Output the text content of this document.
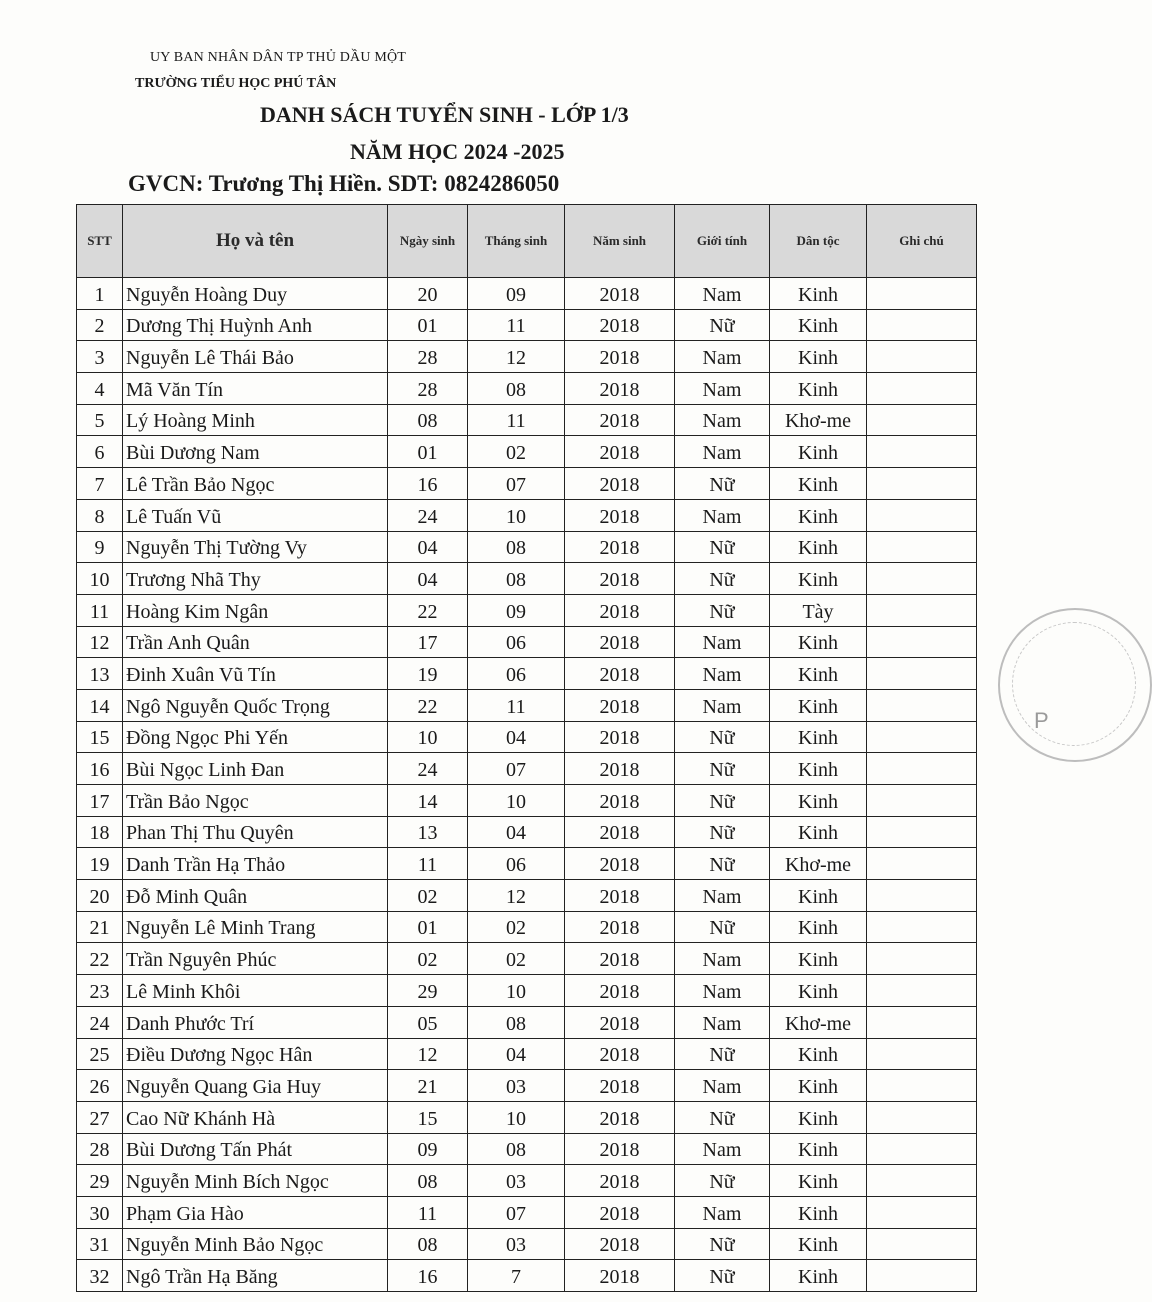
UY BAN NHÂN DÂN TP THỦ DẦU MỘT
TRƯỜNG TIỂU HỌC PHÚ TÂN
DANH SÁCH TUYỂN SINH - LỚP 1/3
NĂM HỌC 2024 -2025
GVCN: Trương Thị Hiền. SDT: 0824286050
STT	Họ và tên	Ngày sinh	Tháng sinh	Năm sinh	Giới tính	Dân tộc	Ghi chú
1	Nguyễn Hoàng Duy	20	09	2018	Nam	Kinh	
2	Dương Thị Huỳnh Anh	01	11	2018	Nữ	Kinh	
3	Nguyễn Lê Thái Bảo	28	12	2018	Nam	Kinh	
4	Mã Văn Tín	28	08	2018	Nam	Kinh	
5	Lý Hoàng Minh	08	11	2018	Nam	Khơ-me	
6	Bùi Dương Nam	01	02	2018	Nam	Kinh	
7	Lê Trần Bảo Ngọc	16	07	2018	Nữ	Kinh	
8	Lê Tuấn Vũ	24	10	2018	Nam	Kinh	
9	Nguyễn Thị Tường Vy	04	08	2018	Nữ	Kinh	
10	Trương Nhã Thy	04	08	2018	Nữ	Kinh	
11	Hoàng Kim Ngân	22	09	2018	Nữ	Tày	
12	Trần Anh Quân	17	06	2018	Nam	Kinh	
13	Đinh Xuân Vũ Tín	19	06	2018	Nam	Kinh	
14	Ngô Nguyễn Quốc Trọng	22	11	2018	Nam	Kinh	
15	Đồng Ngọc Phi Yến	10	04	2018	Nữ	Kinh	
16	Bùi Ngọc Linh Đan	24	07	2018	Nữ	Kinh	
17	Trần Bảo Ngọc	14	10	2018	Nữ	Kinh	
18	Phan Thị Thu Quyên	13	04	2018	Nữ	Kinh	
19	Danh Trần Hạ Thảo	11	06	2018	Nữ	Khơ-me	
20	Đỗ Minh Quân	02	12	2018	Nam	Kinh	
21	Nguyễn Lê Minh Trang	01	02	2018	Nữ	Kinh	
22	Trần Nguyên Phúc	02	02	2018	Nam	Kinh	
23	Lê Minh Khôi	29	10	2018	Nam	Kinh	
24	Danh Phước Trí	05	08	2018	Nam	Khơ-me	
25	Điều Dương Ngọc Hân	12	04	2018	Nữ	Kinh	
26	Nguyễn Quang Gia Huy	21	03	2018	Nam	Kinh	
27	Cao Nữ Khánh Hà	15	10	2018	Nữ	Kinh	
28	Bùi Dương Tấn Phát	09	08	2018	Nam	Kinh	
29	Nguyễn Minh Bích Ngọc	08	03	2018	Nữ	Kinh	
30	Phạm Gia Hào	11	07	2018	Nam	Kinh	
31	Nguyễn Minh Bảo Ngọc	08	03	2018	Nữ	Kinh	
32	Ngô Trần Hạ Băng	16	7	2018	Nữ	Kinh	
P
